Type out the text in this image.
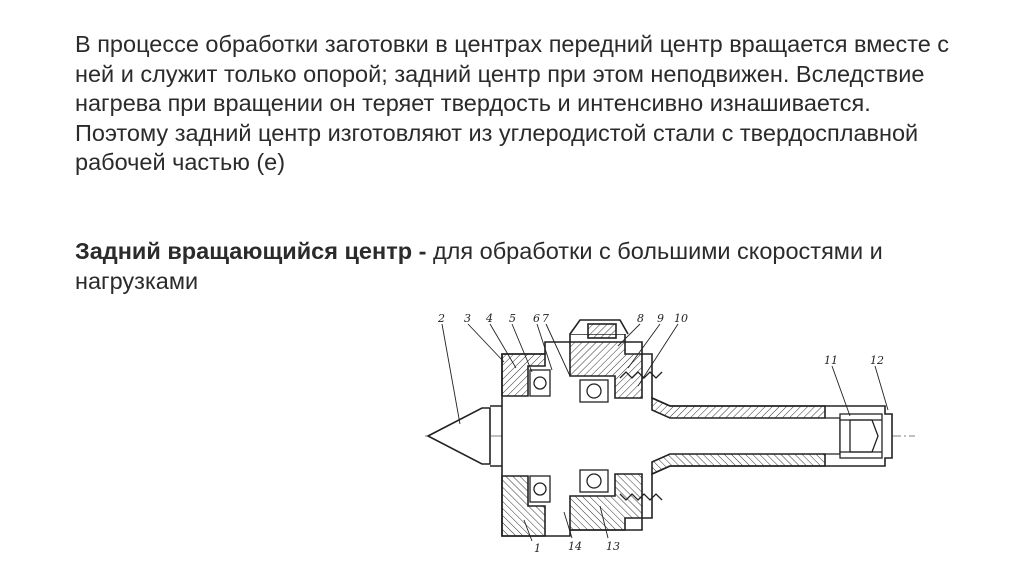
В процессе обработки заготовки в центрах передний центр вращается вместе с ней и служит только опорой; задний центр при этом неподвижен. Вследствие нагрева при вращении он теряет твердость и интенсивно изнашивается. Поэтому задний центр изготовляют из углеродистой стали с твердосплавной рабочей частью (е)

Задний вращающийся центр - для обработки с большими скоростями и нагрузками

2 3 4 5 6 7	8 9 10
11	12
1 14 13
